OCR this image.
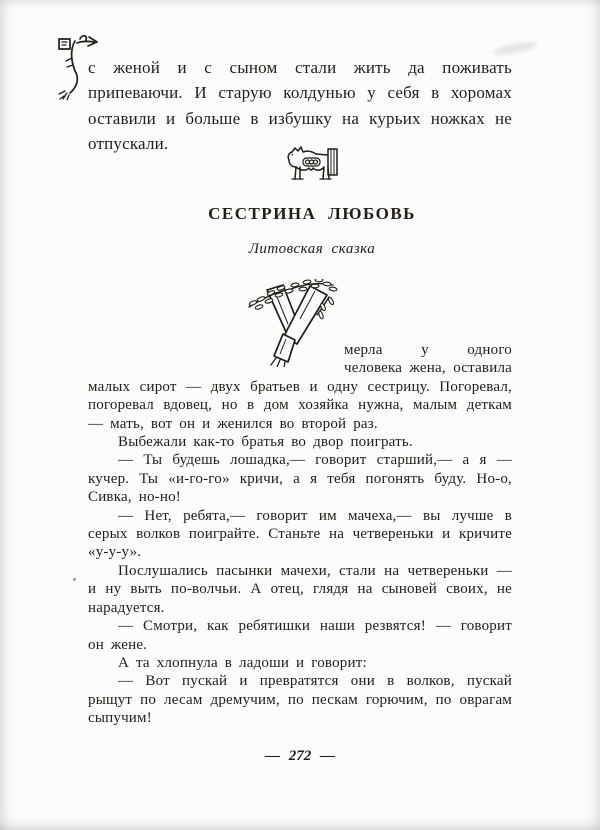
с женой и с сыном стали жить да поживать припеваючи. И старую колдунью у себя в хоромах оставили и больше в избушку на курьих ножках не отпускали.

СЕСТРИНА ЛЮБОВЬ
Литовская сказка

мерла у одного человека жена, оставила малых сирот — двух братьев и одну сестрицу. Погоревал, погоревал вдовец, но в дом хозяйка нужна, малым деткам — мать, вот он и женился во второй раз.

Выбежали как-то братья во двор поиграть.

— Ты будешь лошадка,— говорит старший,— а я — кучер. Ты «и-го-го» кричи, а я тебя погонять буду. Но-о, Сивка, но-но!

— Нет, ребята,— говорит им мачеха,— вы лучше в серых волков поиграйте. Станьте на четвереньки и кричите «у-у-у».

Послушались пасынки мачехи, стали на четвереньки — и ну выть по-волчьи. А отец, глядя на сыновей своих, не нарадуется.

— Смотри, как ребятишки наши резвятся! — говорит он жене.

А та хлопнула в ладоши и говорит:

— Вот пускай и превратятся они в волков, пускай рыщут по лесам дремучим, по пескам горючим, по оврагам сыпучим!

— 272 —
